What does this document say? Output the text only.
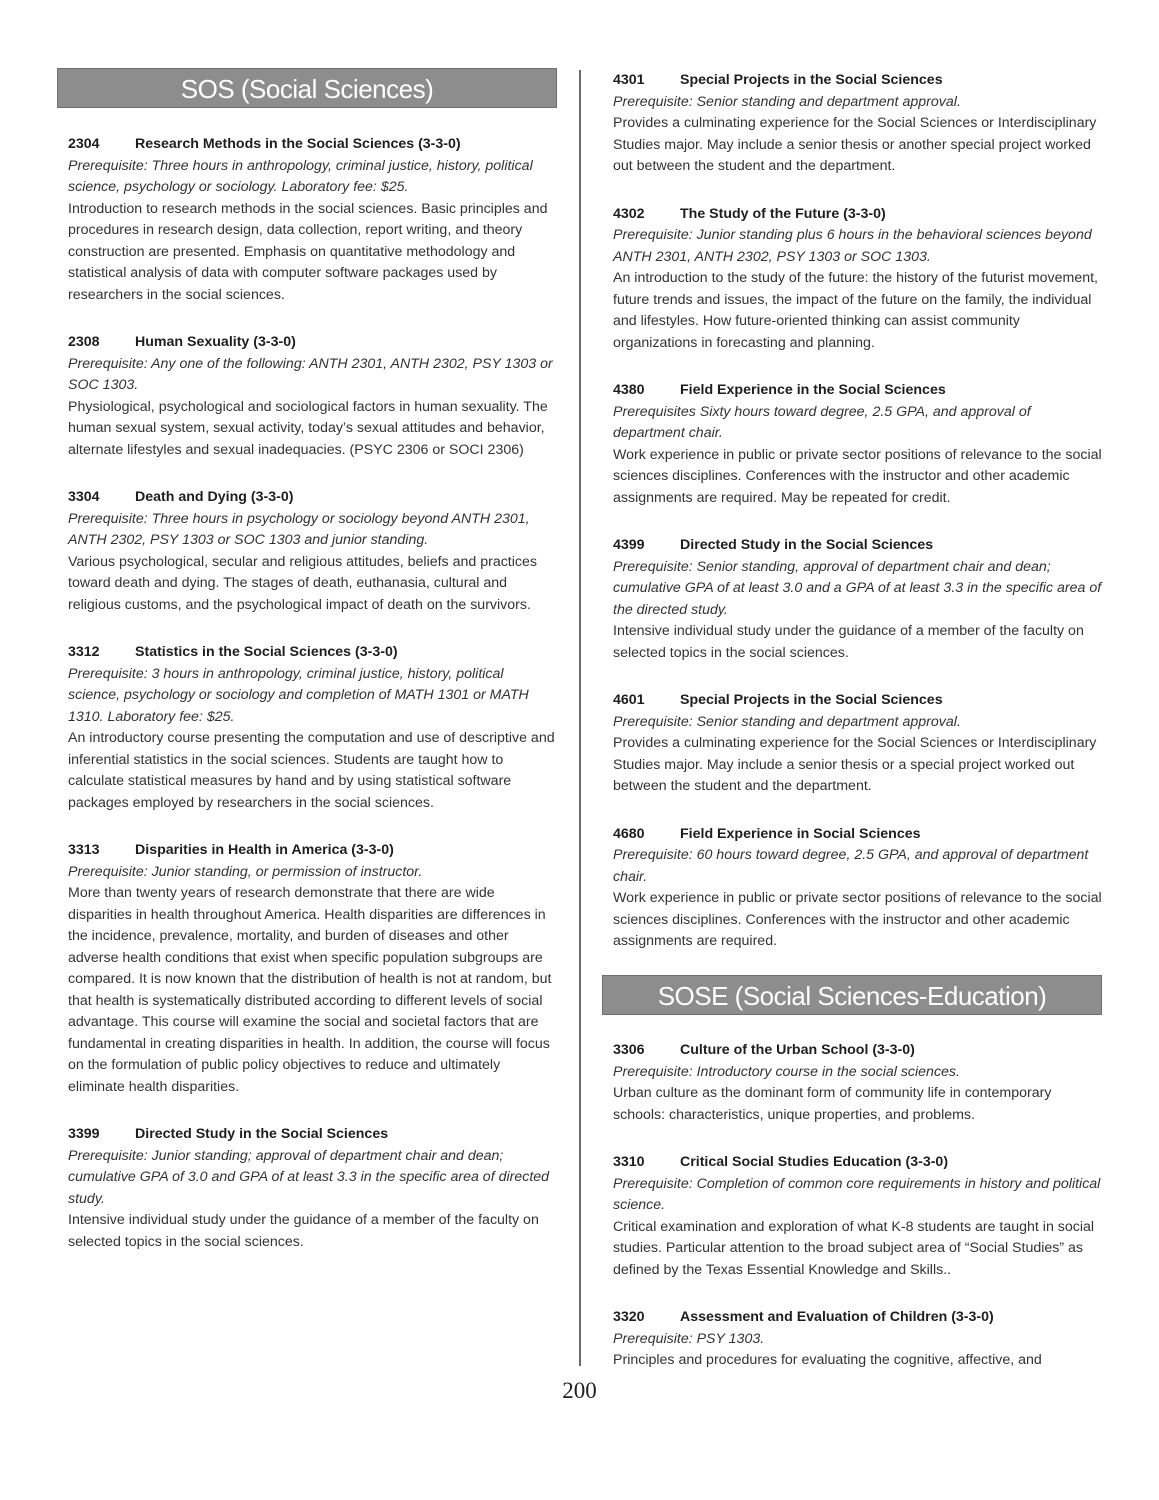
SOS (Social Sciences)
2304 Research Methods in the Social Sciences (3-3-0)
Prerequisite: Three hours in anthropology, criminal justice, history, political science, psychology or sociology. Laboratory fee: $25.
Introduction to research methods in the social sciences. Basic principles and procedures in research design, data collection, report writing, and theory construction are presented. Emphasis on quantitative methodology and statistical analysis of data with computer software packages used by researchers in the social sciences.
2308 Human Sexuality (3-3-0)
Prerequisite: Any one of the following: ANTH 2301, ANTH 2302, PSY 1303 or SOC 1303.
Physiological, psychological and sociological factors in human sexuality. The human sexual system, sexual activity, today’s sexual attitudes and behavior, alternate lifestyles and sexual inadequacies. (PSYC 2306 or SOCI 2306)
3304 Death and Dying (3-3-0)
Prerequisite: Three hours in psychology or sociology beyond ANTH 2301, ANTH 2302, PSY 1303 or SOC 1303 and junior standing.
Various psychological, secular and religious attitudes, beliefs and practices toward death and dying. The stages of death, euthanasia, cultural and religious customs, and the psychological impact of death on the survivors.
3312 Statistics in the Social Sciences (3-3-0)
Prerequisite: 3 hours in anthropology, criminal justice, history, political science, psychology or sociology and completion of MATH 1301 or MATH 1310. Laboratory fee: $25.
An introductory course presenting the computation and use of descriptive and inferential statistics in the social sciences. Students are taught how to calculate statistical measures by hand and by using statistical software packages employed by researchers in the social sciences.
3313 Disparities in Health in America (3-3-0)
Prerequisite: Junior standing, or permission of instructor.
More than twenty years of research demonstrate that there are wide disparities in health throughout America. Health disparities are differences in the incidence, prevalence, mortality, and burden of diseases and other adverse health conditions that exist when specific population subgroups are compared. It is now known that the distribution of health is not at random, but that health is systematically distributed according to different levels of social advantage. This course will examine the social and societal factors that are fundamental in creating disparities in health. In addition, the course will focus on the formulation of public policy objectives to reduce and ultimately eliminate health disparities.
3399 Directed Study in the Social Sciences
Prerequisite: Junior standing; approval of department chair and dean; cumulative GPA of 3.0 and GPA of at least 3.3 in the specific area of directed study.
Intensive individual study under the guidance of a member of the faculty on selected topics in the social sciences.
4301 Special Projects in the Social Sciences
Prerequisite: Senior standing and department approval.
Provides a culminating experience for the Social Sciences or Interdisciplinary Studies major. May include a senior thesis or another special project worked out between the student and the department.
4302 The Study of the Future (3-3-0)
Prerequisite: Junior standing plus 6 hours in the behavioral sciences beyond ANTH 2301, ANTH 2302, PSY 1303 or SOC 1303.
An introduction to the study of the future: the history of the futurist movement, future trends and issues, the impact of the future on the family, the individual and lifestyles. How future-oriented thinking can assist community organizations in forecasting and planning.
4380 Field Experience in the Social Sciences
Prerequisites Sixty hours toward degree, 2.5 GPA, and approval of department chair.
Work experience in public or private sector positions of relevance to the social sciences disciplines. Conferences with the instructor and other academic assignments are required. May be repeated for credit.
4399 Directed Study in the Social Sciences
Prerequisite: Senior standing, approval of department chair and dean; cumulative GPA of at least 3.0 and a GPA of at least 3.3 in the specific area of the directed study.
Intensive individual study under the guidance of a member of the faculty on selected topics in the social sciences.
4601 Special Projects in the Social Sciences
Prerequisite: Senior standing and department approval.
Provides a culminating experience for the Social Sciences or Interdisciplinary Studies major. May include a senior thesis or a special project worked out between the student and the department.
4680 Field Experience in Social Sciences
Prerequisite: 60 hours toward degree, 2.5 GPA, and approval of department chair.
Work experience in public or private sector positions of relevance to the social sciences disciplines. Conferences with the instructor and other academic assignments are required.
SOSE (Social Sciences-Education)
3306 Culture of the Urban School (3-3-0)
Prerequisite: Introductory course in the social sciences.
Urban culture as the dominant form of community life in contemporary schools: characteristics, unique properties, and problems.
3310 Critical Social Studies Education (3-3-0)
Prerequisite: Completion of common core requirements in history and political science.
Critical examination and exploration of what K-8 students are taught in social studies. Particular attention to the broad subject area of “Social Studies” as defined by the Texas Essential Knowledge and Skills..
3320 Assessment and Evaluation of Children (3-3-0)
Prerequisite: PSY 1303.
Principles and procedures for evaluating the cognitive, affective, and
200
